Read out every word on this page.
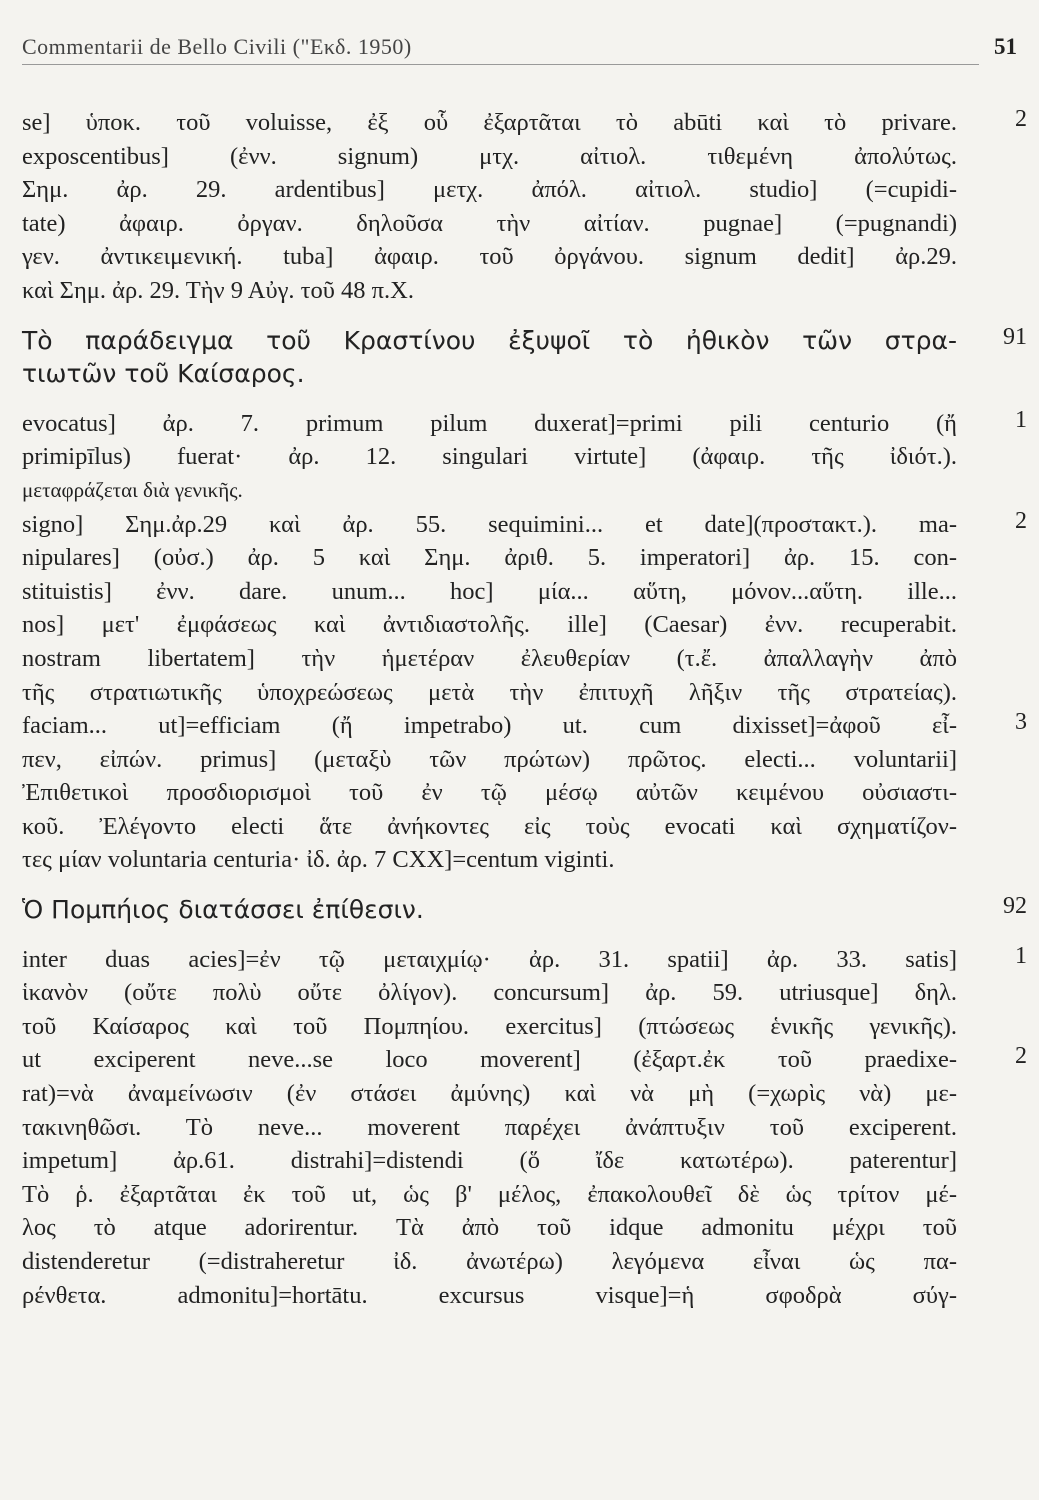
Commentarii de Bello Civili ("Εκδ. 1950)	51
2
se] ὑποκ. τοῦ voluisse, ἐξ οὗ ἐξαρτᾶται τὸ abūti καὶ τὸ privare.
exposcentibus] (ἐνν. signum) μτχ. αἰτιολ. τιθεμένη ἀπολύτως.
Σημ. ἀρ. 29. ardentibus] μετχ. ἀπόλ. αἰτιολ. studio] (=cupidi-
tate) ἀφαιρ. ὀργαν. δηλοῦσα τὴν αἰτίαν. pugnae] (=pugnandi)
γεν. ἀντικειμενική. tuba] ἀφαιρ. τοῦ ὀργάνου. signum dedit] ἀρ.29.
καὶ Σημ. ἀρ. 29. Τὴν 9 Αὐγ. τοῦ 48 π.Χ.
91
Τὸ παράδειγμα τοῦ Κραστίνου ἐξυψοῖ τὸ ἠθικὸν τῶν στρα-
τιωτῶν τοῦ Καίσαρος.
1
evocatus] ἀρ. 7. primum pilum duxerat]=primi pili centurio (ἤ
primipīlus) fuerat· ἀρ. 12. singulari virtute] (ἀφαιρ. τῆς ἰδιότ.).
μεταφράζεται διὰ γενικῆς.
2
signo] Σημ.ἀρ.29 καὶ ἀρ. 55. sequimini... et date](προστακτ.). ma-
nipulares] (οὐσ.) ἀρ. 5 καὶ Σημ. ἀριθ. 5. imperatori] ἀρ. 15. con-
stituistis] ἐνν. dare. unum... hoc] μία... αὕτη, μόνον...αὕτη. ille...
nos] μετ' ἐμφάσεως καὶ ἀντιδιαστολῆς. ille] (Caesar) ἐνν. recuperabit.
nostram libertatem] τὴν ἡμετέραν ἐλευθερίαν (τ.ἔ. ἀπαλλαγὴν ἀπὸ
τῆς στρατιωτικῆς ὑποχρεώσεως μετὰ τὴν ἐπιτυχῆ λῆξιν τῆς στρατείας).
3
faciam... ut]=efficiam (ἤ impetrabo) ut. cum dixisset]=ἀφοῦ εἶ-
πεν, εἰπών. primus] (μεταξὺ τῶν πρώτων) πρῶτος. electi... voluntarii]
Ἐπιθετικοὶ προσδιορισμοὶ τοῦ ἐν τῷ μέσῳ αὐτῶν κειμένου οὐσιαστι-
κοῦ. Ἐλέγοντο electi ἅτε ἀνήκοντες εἰς τοὺς evocati καὶ σχηματίζον-
τες μίαν voluntaria centuria· ἰδ. ἀρ. 7 CXX]=centum viginti.
92
Ὁ Πομπήιος διατάσσει ἐπίθεσιν.
1
inter duas acies]=ἐν τῷ μεταιχμίῳ· ἀρ. 31. spatii] ἀρ. 33. satis]
ἱκανὸν (οὔτε πολὺ οὔτε ὀλίγον). concursum] ἀρ. 59. utriusque] δηλ.
τοῦ Καίσαρος καὶ τοῦ Πομπηίου. exercitus] (πτώσεως ἑνικῆς γενικῆς).
2
ut exciperent neve...se loco moverent] (ἐξαρτ.ἐκ τοῦ praedixe-
rat)=νὰ ἀναμείνωσιν (ἐν στάσει ἀμύνης) καὶ νὰ μὴ (=χωρὶς νὰ) με-
τακινηθῶσι. Τὸ neve... moverent παρέχει ἀνάπτυξιν τοῦ exciperent.
impetum] ἀρ.61. distrahi]=distendi (ὅ ἴδε κατωτέρω). paterentur]
Τὸ ῥ. ἐξαρτᾶται ἐκ τοῦ ut, ὡς β' μέλος, ἐπακολουθεῖ δὲ ὡς τρίτον μέ-
λος τὸ atque adorirentur. Τὰ ἀπὸ τοῦ idque admonitu μέχρι τοῦ
distenderetur (=distraheretur ἰδ. ἀνωτέρω) λεγόμενα εἶναι ὡς πα-
ρένθετα. admonitu]=hortātu. excursus visque]=ἡ σφοδρὰ σύγ-
